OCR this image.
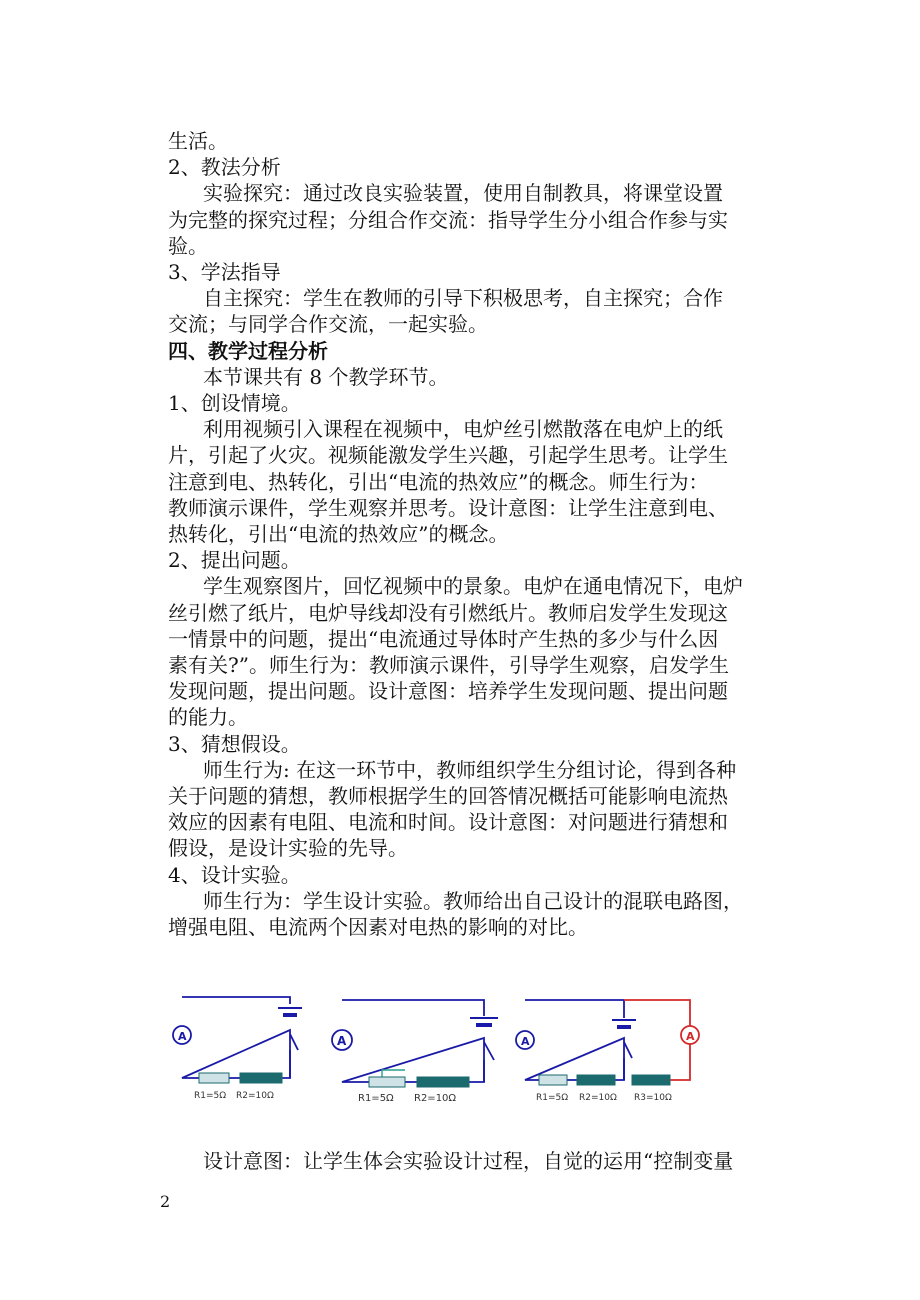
生活。
2、教法分析
实验探究：通过改良实验装置，使用自制教具，将课堂设置
为完整的探究过程；分组合作交流：指导学生分小组合作参与实
验。
3、学法指导
自主探究：学生在教师的引导下积极思考，自主探究；合作
交流；与同学合作交流，一起实验。
四、教学过程分析
本节课共有 8 个教学环节。
1、创设情境。
利用视频引入课程在视频中，电炉丝引燃散落在电炉上的纸
片，引起了火灾。视频能激发学生兴趣，引起学生思考。让学生
注意到电、热转化，引出“电流的热效应”的概念。师生行为：
教师演示课件，学生观察并思考。设计意图：让学生注意到电、
热转化，引出“电流的热效应”的概念。
2、提出问题。
学生观察图片，回忆视频中的景象。电炉在通电情况下，电炉
丝引燃了纸片，电炉导线却没有引燃纸片。教师启发学生发现这
一情景中的问题，提出“电流通过导体时产生热的多少与什么因
素有关?”。师生行为：教师演示课件，引导学生观察，启发学生
发现问题，提出问题。设计意图：培养学生发现问题、提出问题
的能力。
3、猜想假设。
师生行为: 在这一环节中，教师组织学生分组讨论，得到各种
关于问题的猜想，教师根据学生的回答情况概括可能影响电流热
效应的因素有电阻、电流和时间。设计意图：对问题进行猜想和
假设，是设计实验的先导。
4、设计实验。
师生行为：学生设计实验。教师给出自己设计的混联电路图，
增强电阻、电流两个因素对电热的影响的对比。
A
R1=5Ω R2=10Ω
A
R1=5Ω R2=10Ω
A	A
R1=5Ω R2=10Ω R3=10Ω
设计意图：让学生体会实验设计过程，自觉的运用“控制变量
2
